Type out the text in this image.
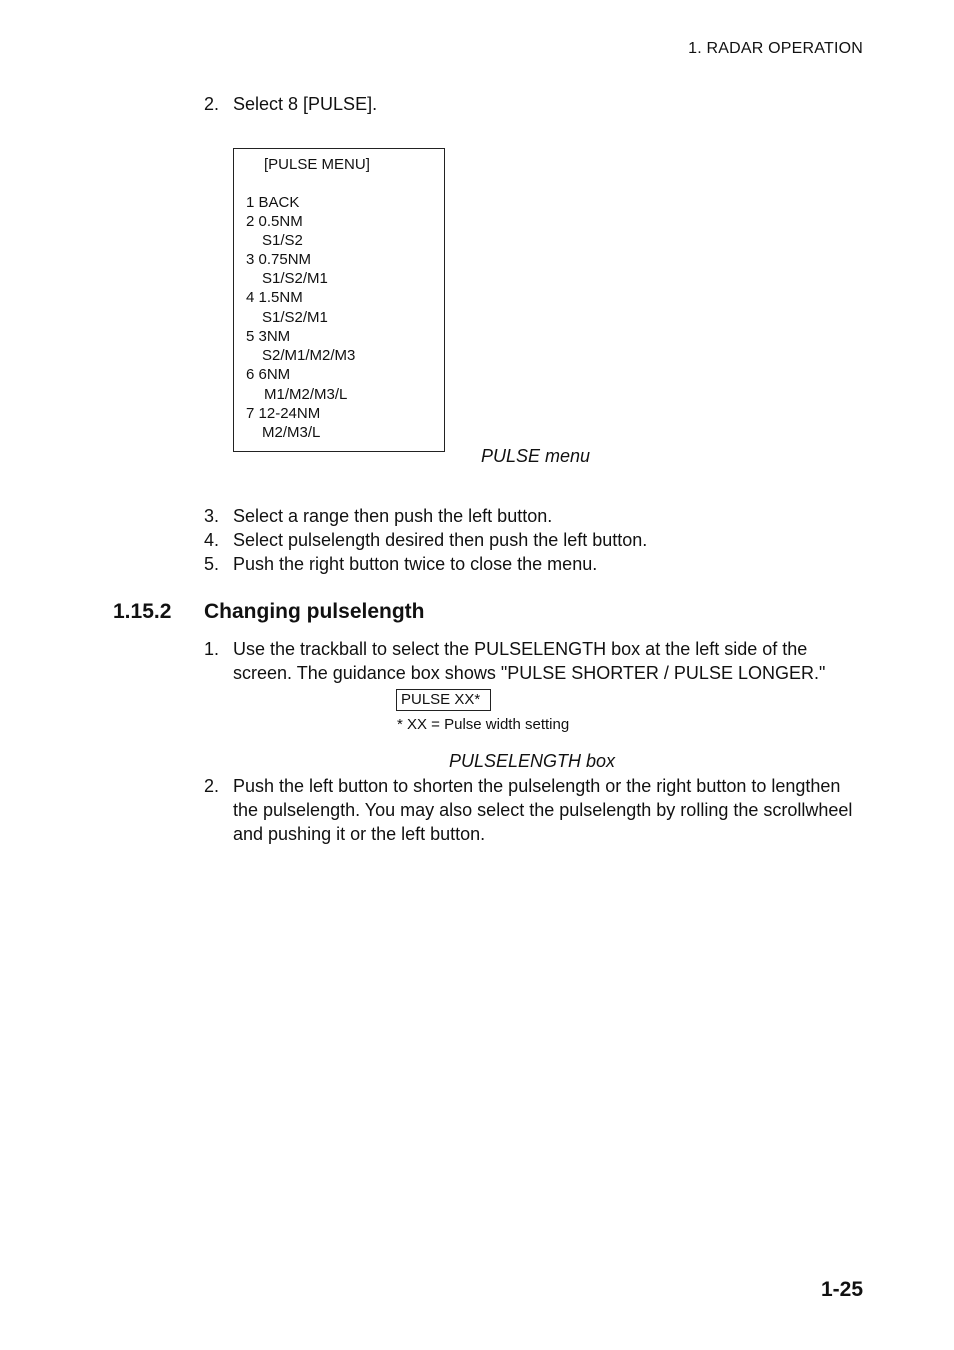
1. RADAR OPERATION
2. Select 8 [PULSE].
[PULSE MENU]
1 BACK
2 0.5NM
S1/S2
3 0.75NM
S1/S2/M1
4 1.5NM
S1/S2/M1
5 3NM
S2/M1/M2/M3
6 6NM
M1/M2/M3/L
7 12-24NM
M2/M3/L
PULSE menu
3. Select a range then push the left button.
4. Select pulselength desired then push the left button.
5. Push the right button twice to close the menu.
1.15.2 Changing pulselength
1. Use the trackball to select the PULSELENGTH box at the left side of the screen. The guidance box shows "PULSE SHORTER / PULSE LONGER."
PULSE XX*
* XX = Pulse width setting
PULSELENGTH box
2. Push the left button to shorten the pulselength or the right button to lengthen the pulselength. You may also select the pulselength by rolling the scrollwheel and pushing it or the left button.
1-25
